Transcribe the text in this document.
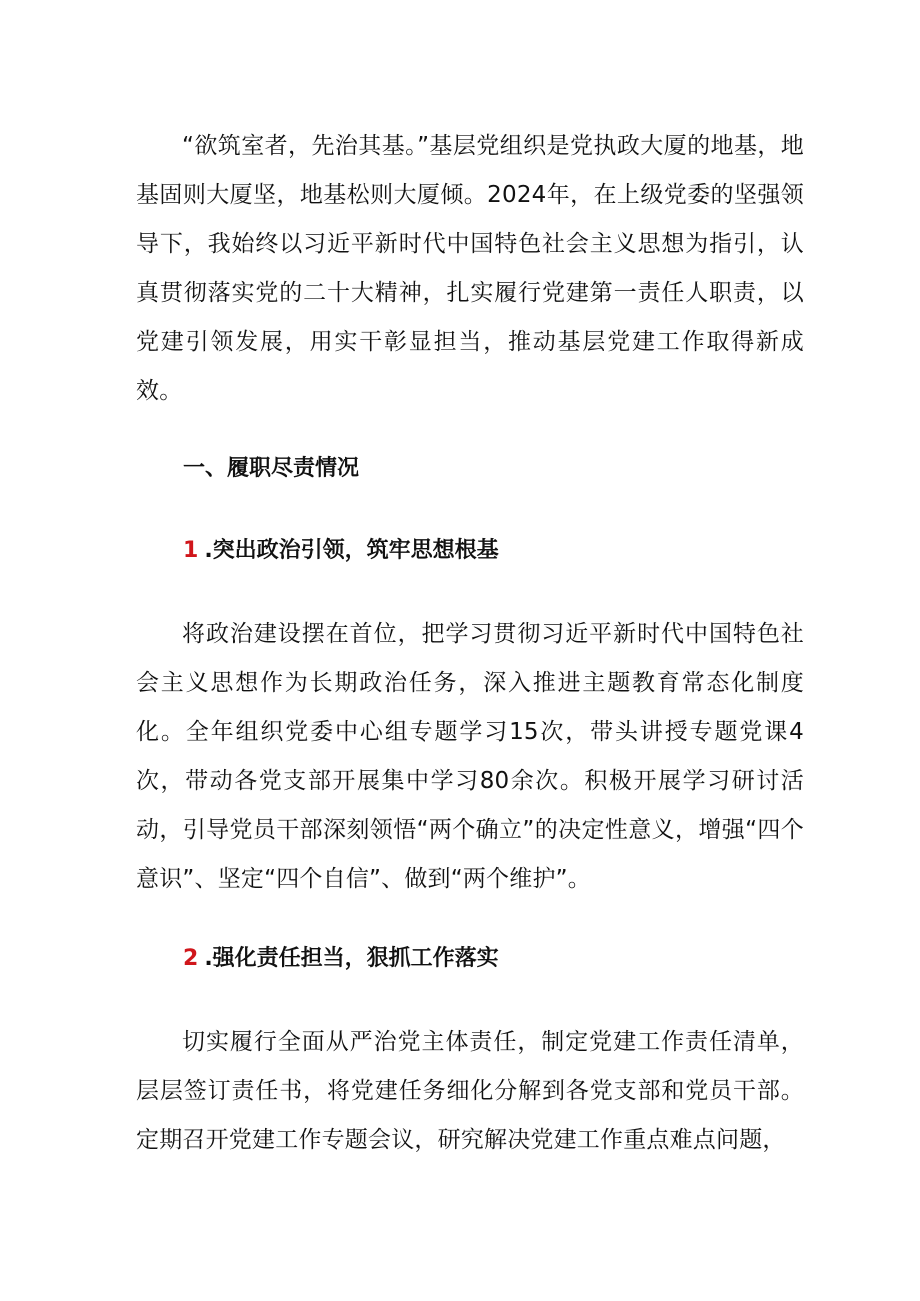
“欲筑室者，先治其基。”基层党组织是党执政大厦的地基，地基固则大厦坚，地基松则大厦倾。2024年，在上级党委的坚强领导下，我始终以习近平新时代中国特色社会主义思想为指引，认真贯彻落实党的二十大精神，扎实履行党建第一责任人职责，以党建引领发展，用实干彰显担当，推动基层党建工作取得新成效。

一、履职尽责情况
1 .突出政治引领，筑牢思想根基

将政治建设摆在首位，把学习贯彻习近平新时代中国特色社会主义思想作为长期政治任务，深入推进主题教育常态化制度化。全年组织党委中心组专题学习15次，带头讲授专题党课4次，带动各党支部开展集中学习80余次。积极开展学习研讨活动，引导党员干部深刻领悟“两个确立”的决定性意义，增强“四个意识”、坚定“四个自信”、做到“两个维护”。

2 .强化责任担当，狠抓工作落实

切实履行全面从严治党主体责任，制定党建工作责任清单，层层签订责任书，将党建任务细化分解到各党支部和党员干部。定期召开党建工作专题会议，研究解决党建工作重点难点问题，
